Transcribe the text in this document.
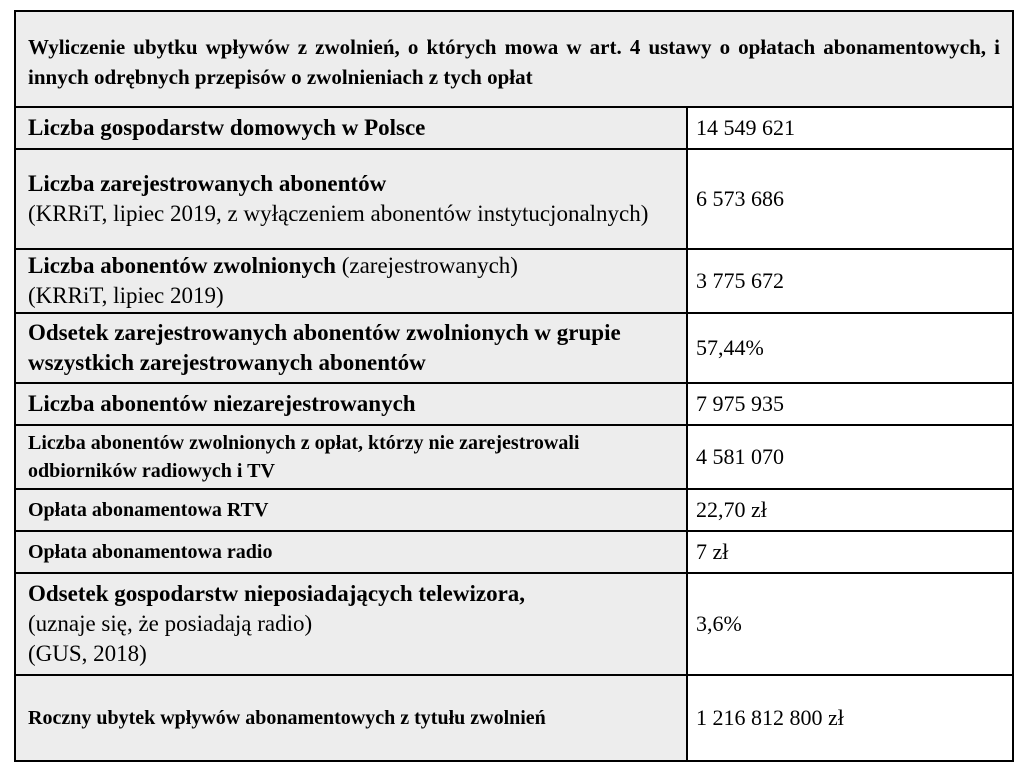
Wyliczenie ubytku wpływów z zwolnień, o których mowa w art. 4 ustawy o opłatach abonamentowych, i innych odrębnych przepisów o zwolnieniach z tych opłat	
Liczba gospodarstw domowych w Polsce	14 549 621
Liczba zarejestrowanych abonentów
(KRRiT, lipiec 2019, z wyłączeniem abonentów instytucjonalnych)	6 573 686
Liczba abonentów zwolnionych (zarejestrowanych)
(KRRiT, lipiec 2019)	3 775 672
Odsetek zarejestrowanych abonentów zwolnionych w grupie wszystkich zarejestrowanych abonentów	57,44%
Liczba abonentów niezarejestrowanych	7 975 935
Liczba abonentów zwolnionych z opłat, którzy nie zarejestrowali odbiorników radiowych i TV	4 581 070
Opłata abonamentowa RTV	22,70 zł
Opłata abonamentowa radio	7 zł
Odsetek gospodarstw nieposiadających telewizora,
(uznaje się, że posiadają radio)
(GUS, 2018)	3,6%
Roczny ubytek wpływów abonamentowych z tytułu zwolnień	1 216 812 800 zł
